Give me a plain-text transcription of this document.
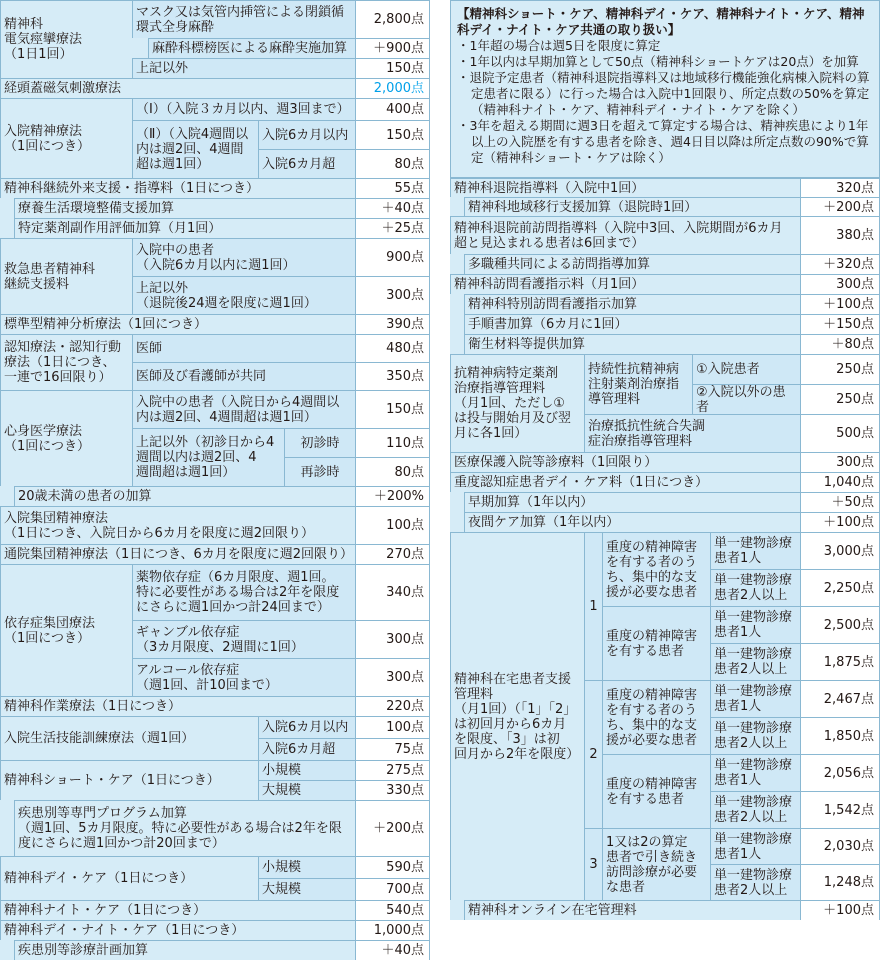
精神科
電気痙攣療法
（1日1回）
マスク又は気管内挿管による閉鎖循
環式全身麻酔	2,800点
麻酔科標榜医による麻酔実施加算	＋900点
上記以外	150点
経頭蓋磁気刺激療法	2,000点
入院精神療法
（1回につき）
（Ⅰ）（入院３カ月以内、週3回まで）	400点
（Ⅱ）（入院4週間以
内は週2回、4週間
超は週1回）
入院6カ月以内	150点
入院6カ月超	80点
精神科継続外来支援・指導料（1日につき）	55点
療養生活環境整備支援加算	＋40点
特定薬剤副作用評価加算（月1回）	＋25点
救急患者精神科
継続支援料
入院中の患者
（入院6カ月以内に週1回）	900点
上記以外
（退院後24週を限度に週1回）	300点
標準型精神分析療法（1回につき）	390点
認知療法・認知行動
療法（1日につき、
一連で16回限り）
医師	480点
医師及び看護師が共同	350点
心身医学療法
（1回につき）
入院中の患者（入院日から4週間以
内は週2回、4週間超は週1回）	150点
上記以外（初診日から4
週間以内は週2回、4
週間超は週1回）
初診時	110点
再診時	80点
20歳未満の患者の加算	＋200%
入院集団精神療法
（1日につき、入院日から6カ月を限度に週2回限り）	100点
通院集団精神療法（1日につき、6カ月を限度に週2回限り）	270点
依存症集団療法
（1回につき）
薬物依存症（6カ月限度、週1回。
特に必要性がある場合は2年を限度
にさらに週1回かつ計24回まで）
340点
ギャンブル依存症
（3カ月限度、2週間に1回）	300点
アルコール依存症
（週1回、計10回まで）	300点
精神科作業療法（1日につき）	220点
入院生活技能訓練療法（週1回）
入院6カ月以内	100点
入院6カ月超	75点
精神科ショート・ケア（1日につき）
小規模	275点
大規模	330点
疾患別等専門プログラム加算
（週1回、5カ月限度。特に必要性がある場合は2年を限
度にさらに週1回かつ計20回まで）
＋200点
精神科デイ・ケア（1日につき）
小規模	590点
大規模	700点
精神科ナイト・ケア（1日につき）	540点
精神科デイ・ナイト・ケア（1日につき）	1,000点
疾患別等診療計画加算	＋40点
精神科退院指導料（入院中1回）	320点
精神科地域移行支援加算（退院時1回）	＋200点
精神科退院前訪問指導料（入院中3回、入院期間が6カ月
超と見込まれる患者は6回まで）	380点
多職種共同による訪問指導加算	＋320点
精神科訪問看護指示料（月1回）	300点
精神科特別訪問看護指示加算	＋100点
手順書加算（6カ月に1回）	＋150点
衛生材料等提供加算	＋80点
抗精神病特定薬剤
治療指導管理料
（月1回、ただし①
は投与開始月及び翌
月に各1回）
持続性抗精神病
注射薬剤治療指
導管理料
①入院患者	250点
②入院以外の患者	250点
治療抵抗性統合失調
症治療指導管理料	500点
医療保護入院等診療料（1回限り）	300点
重度認知症患者デイ・ケア料（1日につき）	1,040点
早期加算（1年以内）	＋50点
夜間ケア加算（1年以内）	＋100点
精神科在宅患者支援
管理料
（月1回）（「1」「2」
は初回月から6カ月
を限度、「3」は初
回月から2年を限度）
1
重度の精神障害
を有する者のう
ち、集中的な支
援が必要な患者
単一建物診療
患者1人	3,000点
単一建物診療
患者2人以上	2,250点
重度の精神障害
を有する患者
単一建物診療
患者1人	2,500点
単一建物診療
患者2人以上	1,875点
2
重度の精神障害
を有する者のう
ち、集中的な支
援が必要な患者
単一建物診療
患者1人	2,467点
単一建物診療
患者2人以上	1,850点
重度の精神障害
を有する患者
単一建物診療
患者1人	2,056点
単一建物診療
患者2人以上	1,542点
3
1又は2の算定
患者で引き続き
訪問診療が必要
な患者
単一建物診療
患者1人	2,030点
単一建物診療
患者2人以上	1,248点
精神科オンライン在宅管理料	＋100点
【精神科ショート・ケア、精神科デイ・ケア、精神科ナイト・ケア、精神科デイ・ナイト・ケア共通の取り扱い】
・1年超の場合は週5日を限度に算定
・1年以内は早期加算として50点（精神科ショートケアは20点）を加算
・退院予定患者（精神科退院指導料又は地域移行機能強化病棟入院料の算定患者に限る）に行った場合は入院中1回限り、所定点数の50%を算定（精神科ナイト・ケア、精神科デイ・ナイト・ケアを除く）
・3年を超える期間に週3日を超えて算定する場合は、精神疾患により1年以上の入院歴を有する患者を除き、週4日目以降は所定点数の90%で算定（精神科ショート・ケアは除く）
